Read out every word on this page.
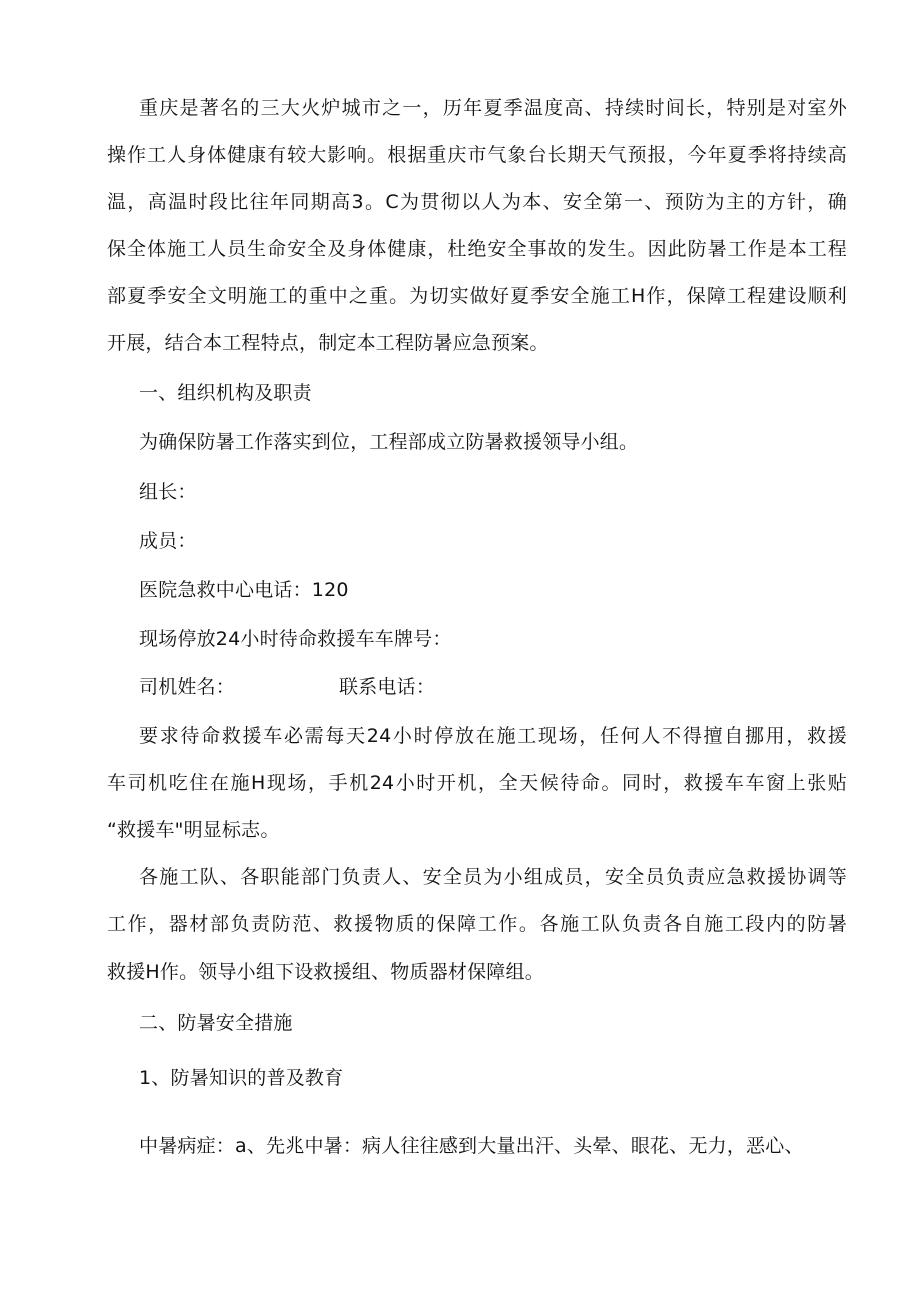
重庆是著名的三大火炉城市之一，历年夏季温度高、持续时间长，特别是对室外
操作工人身体健康有较大影响。根据重庆市气象台长期天气预报，今年夏季将持续高
温，高温时段比往年同期高3。C为贯彻以人为本、安全第一、预防为主的方针，确
保全体施工人员生命安全及身体健康，杜绝安全事故的发生。因此防暑工作是本工程
部夏季安全文明施工的重中之重。为切实做好夏季安全施工H作，保障工程建设顺利
开展，结合本工程特点，制定本工程防暑应急预案。
一、组织机构及职责
为确保防暑工作落实到位，工程部成立防暑救援领导小组。
组长：
成员：
医院急救中心电话：120
现场停放24小时待命救援车车牌号：
司机姓名：	联系电话：
要求待命救援车必需每天24小时停放在施工现场，任何人不得擅自挪用，救援
车司机吃住在施H现场，手机24小时开机，全天候待命。同时，救援车车窗上张贴
“救援车"明显标志。
各施工队、各职能部门负责人、安全员为小组成员，安全员负责应急救援协调等
工作，器材部负责防范、救援物质的保障工作。各施工队负责各自施工段内的防暑
救援H作。领导小组下设救援组、物质器材保障组。
二、防暑安全措施
1、防暑知识的普及教育
中暑病症：a、先兆中暑：病人往往感到大量出汗、头晕、眼花、无力，恶心、
